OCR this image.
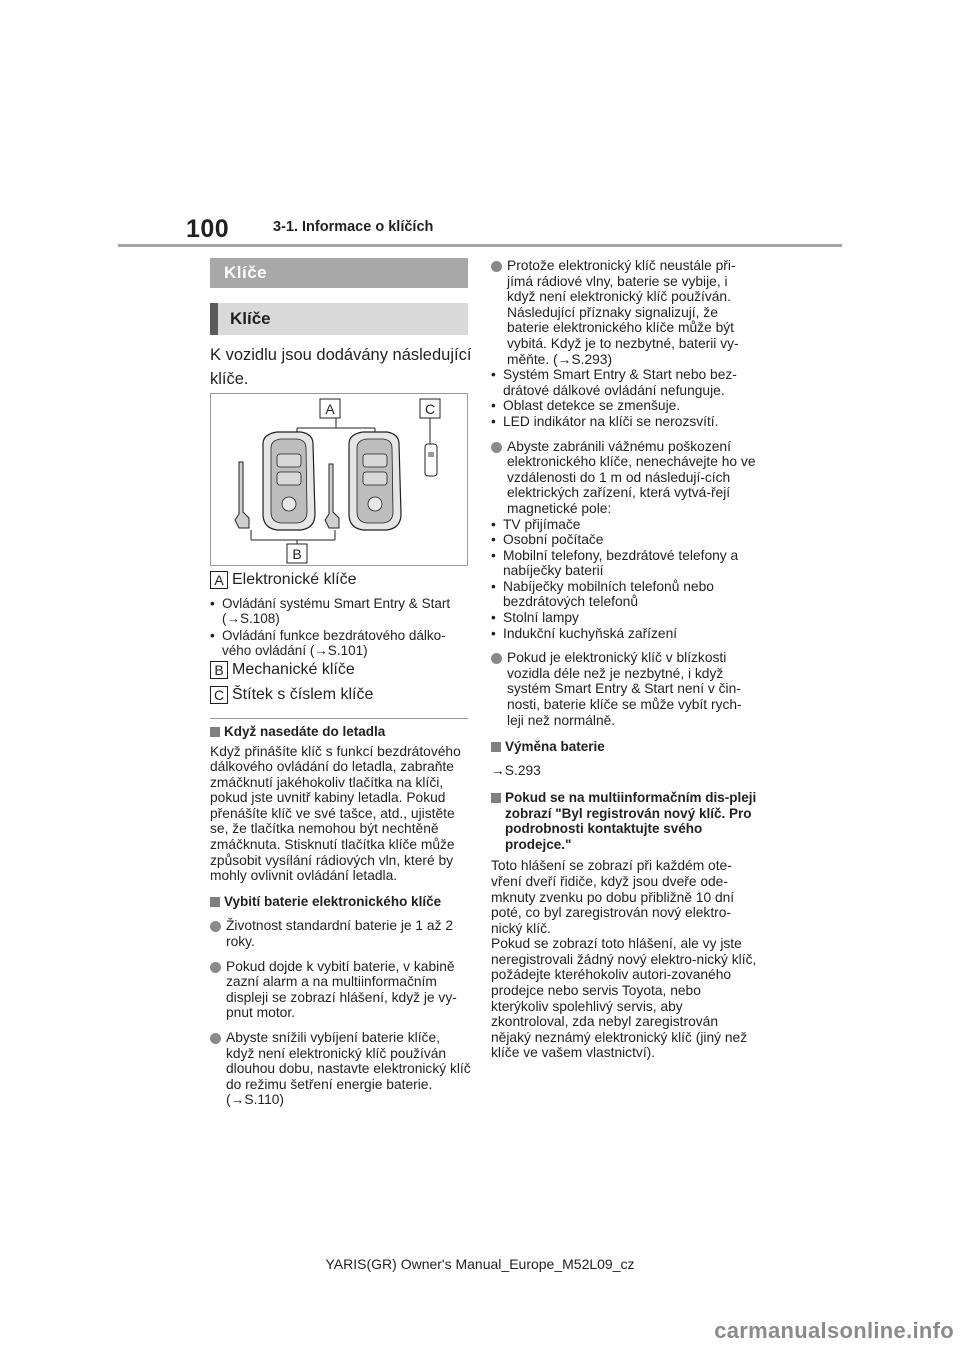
100	3-1. Informace o klíčích
Klíče
Klíče
K vozidlu jsou dodávány následující klíče.
A	C
B
A Elektronické klíče
• Ovládání systému Smart Entry & Start (→S.108)
• Ovládání funkce bezdrátového dálko-vého ovládání (→S.101)
B Mechanické klíče
C Štítek s číslem klíče
Když nasedáte do letadla
Když přinášíte klíč s funkcí bezdrátového dálkového ovládání do letadla, zabraňte zmáčknutí jakéhokoliv tlačítka na klíči, pokud jste uvnitř kabiny letadla. Pokud přenášíte klíč ve své tašce, atd., ujistěte se, že tlačítka nemohou být nechtěně zmáčknuta. Stisknutí tlačítka klíče může způsobit vysílání rádiových vln, které by mohly ovlivnit ovládání letadla.
Vybití baterie elektronického klíče
Životnost standardní baterie je 1 až 2 roky.
Pokud dojde k vybití baterie, v kabině zazní alarm a na multiinformačním displeji se zobrazí hlášení, když je vy-pnut motor.
Abyste snížili vybíjení baterie klíče, když není elektronický klíč používán dlouhou dobu, nastavte elektronický klíč do režimu šetření energie baterie. (→S.110)
Protože elektronický klíč neustále při-jímá rádiové vlny, baterie se vybije, i když není elektronický klíč používán. Následující příznaky signalizují, že baterie elektronického klíče může být vybitá. Když je to nezbytné, baterii vy-měňte. (→S.293)
• Systém Smart Entry & Start nebo bez-drátové dálkové ovládání nefunguje.
• Oblast detekce se zmenšuje.
• LED indikátor na klíči se nerozsvítí.
Abyste zabránili vážnému poškození elektronického klíče, nenechávejte ho ve vzdálenosti do 1 m od následují-cích elektrických zařízení, která vytvá-řejí magnetické pole:
• TV přijímače
• Osobní počítače
• Mobilní telefony, bezdrátové telefony a nabíječky baterií
• Nabíječky mobilních telefonů nebo bezdrátových telefonů
• Stolní lampy
• Indukční kuchyňská zařízení
Pokud je elektronický klíč v blízkosti vozidla déle než je nezbytné, i když systém Smart Entry & Start není v čin-nosti, baterie klíče se může vybít rych-leji než normálně.
Výměna baterie
→S.293
Pokud se na multiinformačním dis-pleji zobrazí "Byl registrován nový klíč. Pro podrobnosti kontaktujte svého prodejce."
Toto hlášení se zobrazí při každém ote-vření dveří řidiče, když jsou dveře ode-mknuty zvenku po dobu přibližně 10 dní poté, co byl zaregistrován nový elektro-nický klíč.
Pokud se zobrazí toto hlášení, ale vy jste neregistrovali žádný nový elektro-nický klíč, požádejte kteréhokoliv autori-zovaného prodejce nebo servis Toyota, nebo kterýkoliv spolehlivý servis, aby zkontroloval, zda nebyl zaregistrován nějaký neznámý elektronický klíč (jiný než klíče ve vašem vlastnictví).
YARIS(GR) Owner's Manual_Europe_M52L09_cz
carmanualsonline.info
